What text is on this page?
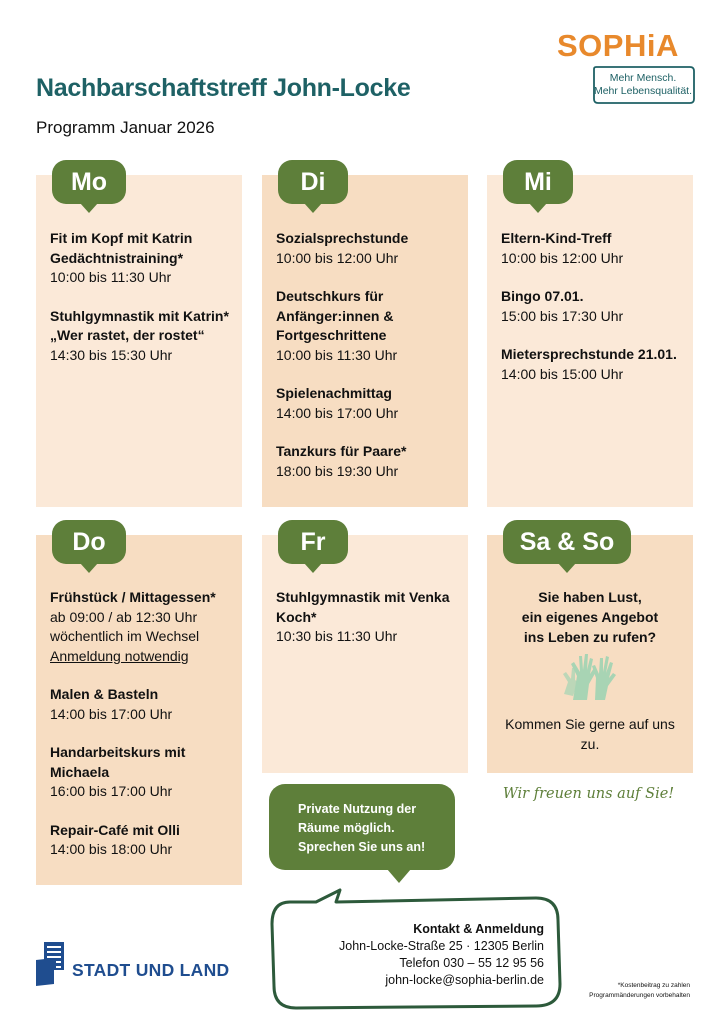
Nachbarschaftstreff John-Locke
Programm Januar 2026
SOPHiA
Mehr Mensch.
Mehr Lebensqualität.
Mo
Fit im Kopf mit Katrin Gedächtnistraining*
10:00 bis 11:30 Uhr
Stuhlgymnastik mit Katrin* „Wer rastet, der rostet“
14:30 bis 15:30 Uhr
Di
Sozialsprechstunde
10:00 bis 12:00 Uhr
Deutschkurs für Anfänger:innen & Fortgeschrittene
10:00 bis 11:30 Uhr
Spielenachmittag
14:00 bis 17:00 Uhr
Tanzkurs für Paare*
18:00 bis 19:30 Uhr
Mi
Eltern-Kind-Treff
10:00 bis 12:00 Uhr
Bingo 07.01.
15:00 bis 17:30 Uhr
Mietersprechstunde 21.01.
14:00 bis 15:00 Uhr
Do
Frühstück / Mittagessen*
ab 09:00 / ab 12:30 Uhr
wöchentlich im Wechsel
Anmeldung notwendig
Malen & Basteln
14:00 bis 17:00 Uhr
Handarbeitskurs mit Michaela
16:00 bis 17:00 Uhr
Repair-Café mit Olli
14:00 bis 18:00 Uhr
Fr
Stuhlgymnastik mit Venka Koch*
10:30 bis 11:30 Uhr
Sa & So
Sie haben Lust,
ein eigenes Angebot
ins Leben zu rufen?
Kommen Sie gerne auf uns
zu.
Wir freuen uns auf Sie!
Private Nutzung der
Räume möglich.
Sprechen Sie uns an!
Kontakt & Anmeldung
John-Locke-Straße 25 · 12305 Berlin
Telefon 030 – 55 12 95 56
john-locke@sophia-berlin.de	*Kostenbeitrag zu zahlen
Programmänderungen vorbehalten
STADT UND LAND
